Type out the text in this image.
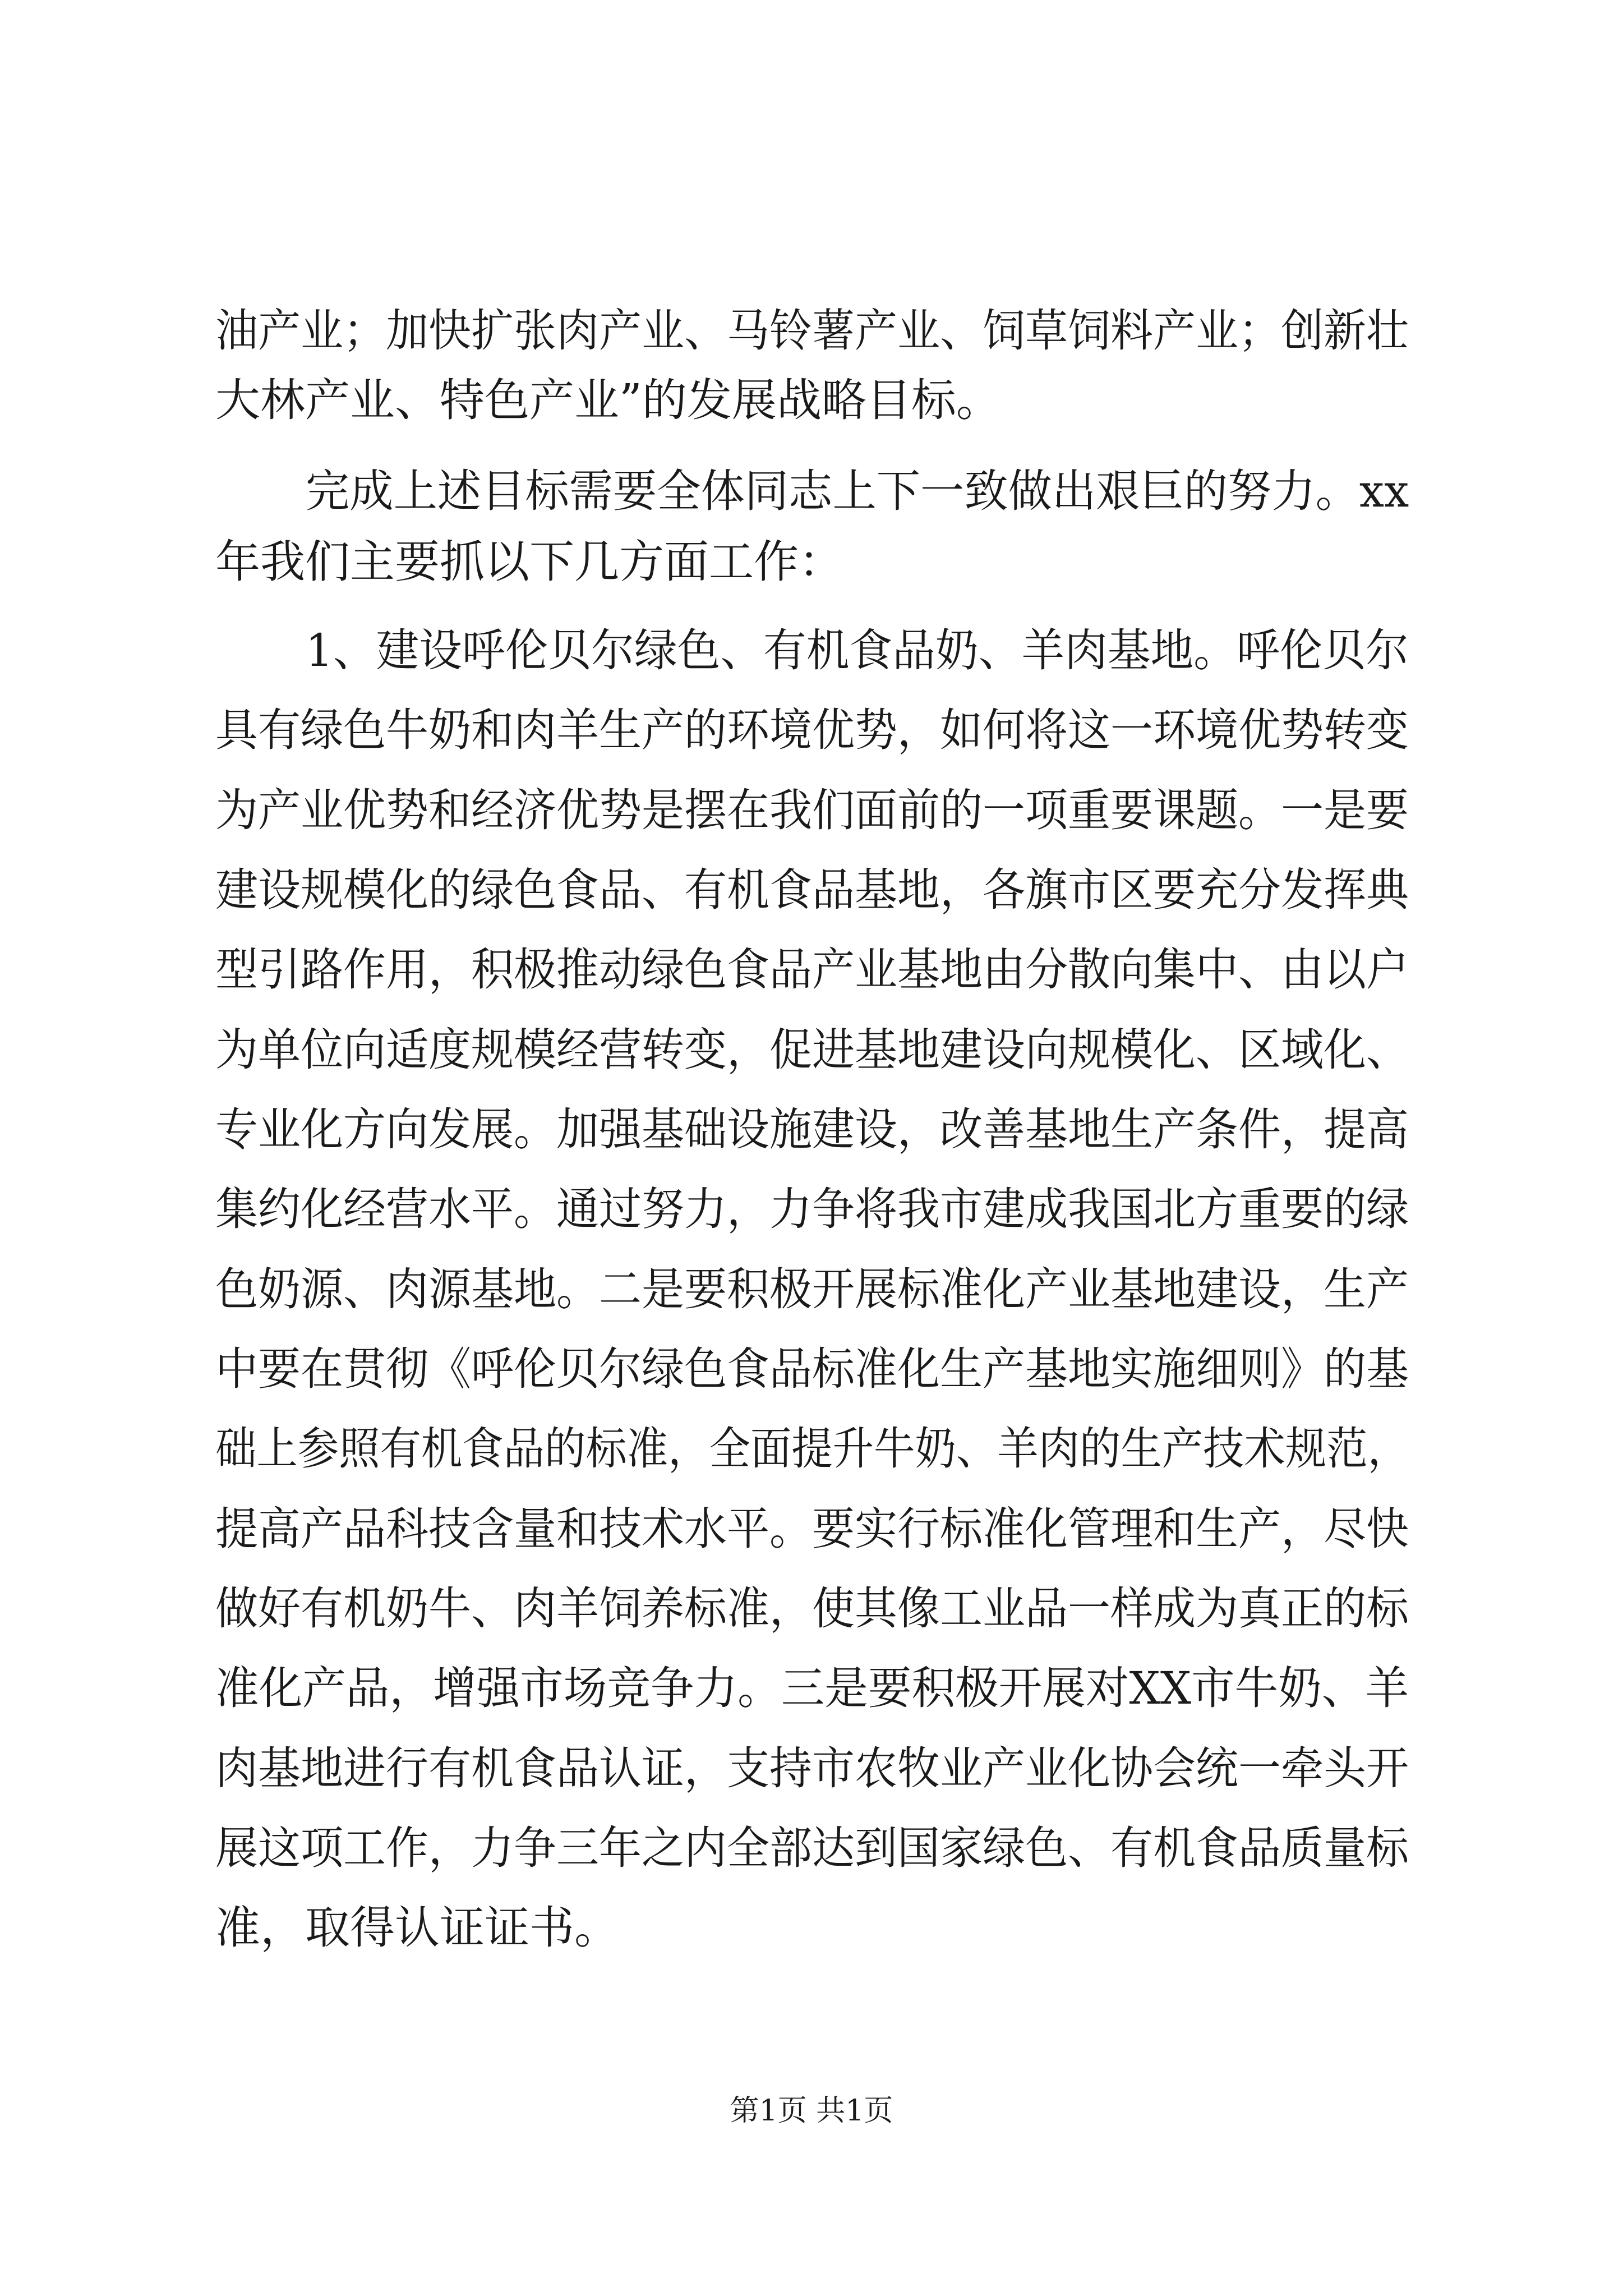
油产业；加快扩张肉产业、马铃薯产业、饲草饲料产业；创新壮
大林产业、特色产业”的发展战略目标。
完成上述目标需要全体同志上下一致做出艰巨的努力。xx
年我们主要抓以下几方面工作：
1、建设呼伦贝尔绿色、有机食品奶、羊肉基地。呼伦贝尔
具有绿色牛奶和肉羊生产的环境优势，如何将这一环境优势转变
为产业优势和经济优势是摆在我们面前的一项重要课题。一是要
建设规模化的绿色食品、有机食品基地，各旗市区要充分发挥典
型引路作用，积极推动绿色食品产业基地由分散向集中、由以户
为单位向适度规模经营转变，促进基地建设向规模化、区域化、
专业化方向发展。加强基础设施建设，改善基地生产条件，提高
集约化经营水平。通过努力，力争将我市建成我国北方重要的绿
色奶源、肉源基地。二是要积极开展标准化产业基地建设，生产
中要在贯彻《呼伦贝尔绿色食品标准化生产基地实施细则》的基
础上参照有机食品的标准，全面提升牛奶、羊肉的生产技术规范，
提高产品科技含量和技术水平。要实行标准化管理和生产，尽快
做好有机奶牛、肉羊饲养标准，使其像工业品一样成为真正的标
准化产品，增强市场竞争力。三是要积极开展对XX市牛奶、羊
肉基地进行有机食品认证，支持市农牧业产业化协会统一牵头开
展这项工作，力争三年之内全部达到国家绿色、有机食品质量标
准，取得认证证书。
第1页 共1页
